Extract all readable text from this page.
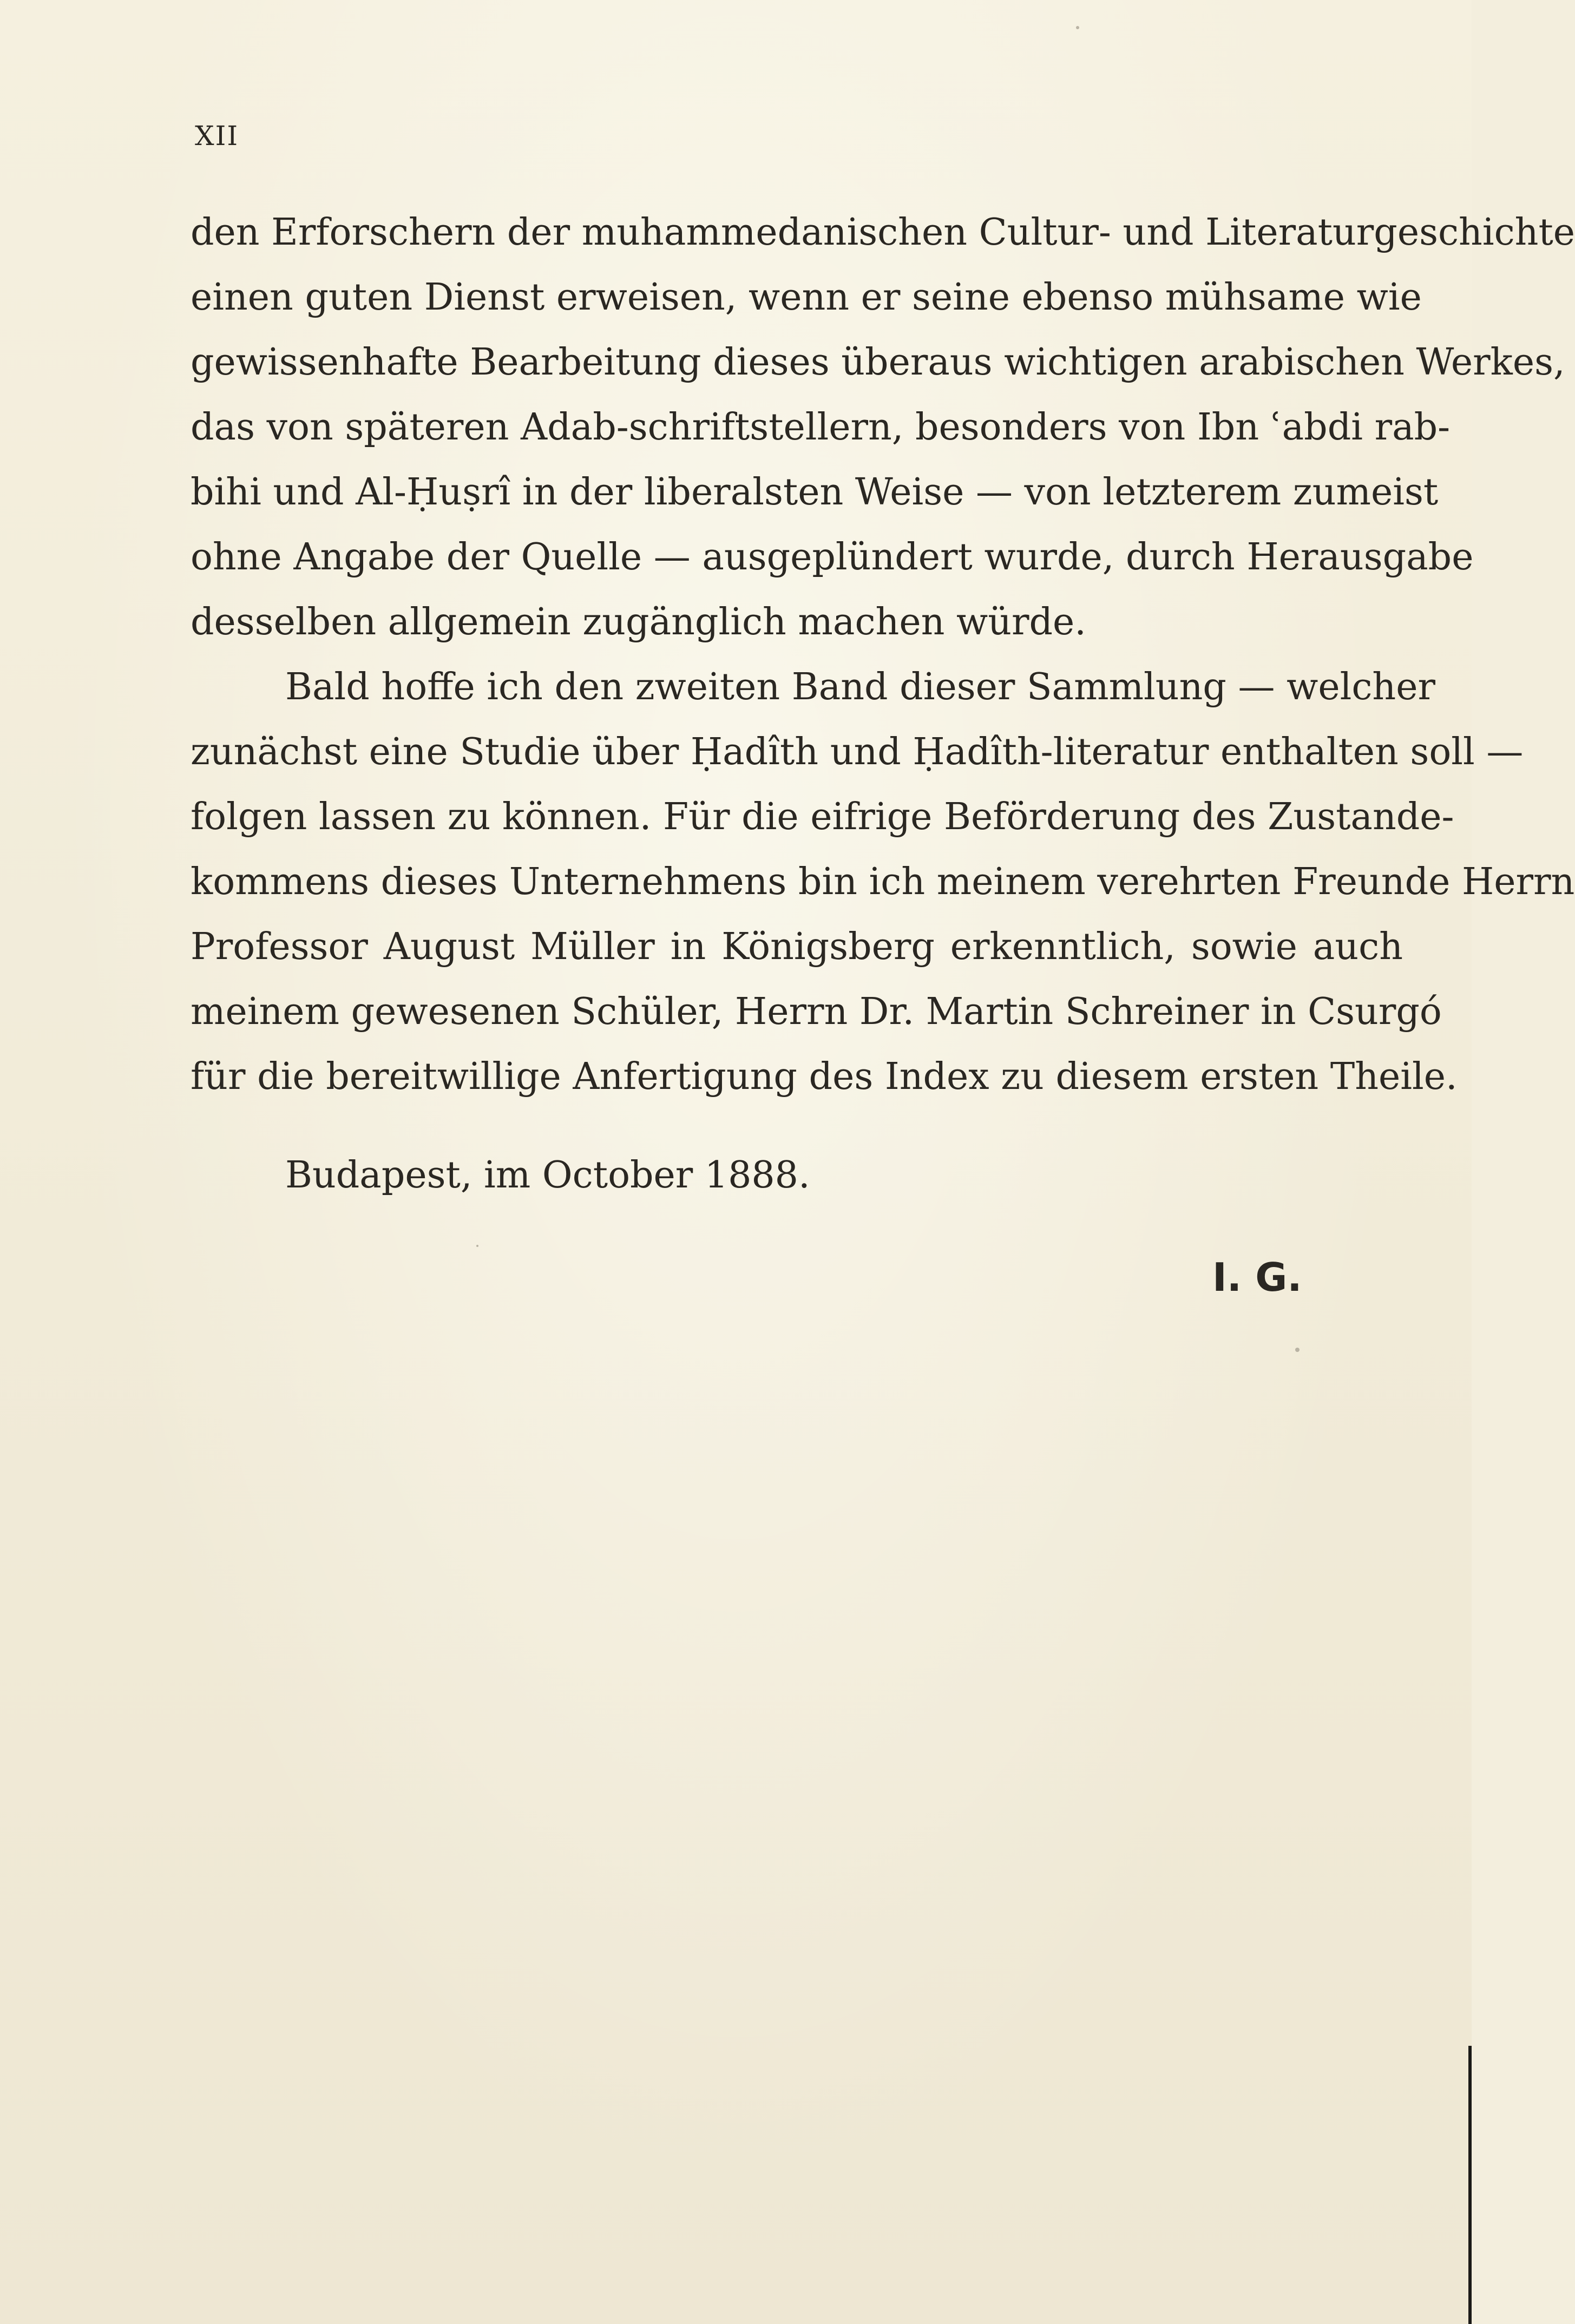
XII
den Erforschern der muhammedanischen Cultur- und Literaturgeschichte
einen guten Dienst erweisen, wenn er seine ebenso mühsame wie
gewissenhafte Bearbeitung dieses überaus wichtigen arabischen Werkes,
das von späteren Adab-schriftstellern, besonders von Ibn ʿabdi rab-
bihi und Al-Ḥuṣrî in der liberalsten Weise — von letzterem zumeist
ohne Angabe der Quelle — ausgeplündert wurde, durch Herausgabe
desselben allgemein zugänglich machen würde.
Bald hoffe ich den zweiten Band dieser Sammlung — welcher
zunächst eine Studie über Ḥadîth und Ḥadîth-literatur enthalten soll —
folgen lassen zu können. Für die eifrige Beförderung des Zustande-
kommens dieses Unternehmens bin ich meinem verehrten Freunde Herrn
Professor August Müller in Königsberg erkenntlich, sowie auch
meinem gewesenen Schüler, Herrn Dr. Martin Schreiner in Csurgó
für die bereitwillige Anfertigung des Index zu diesem ersten Theile.
Budapest, im October 1888.
I. G.
